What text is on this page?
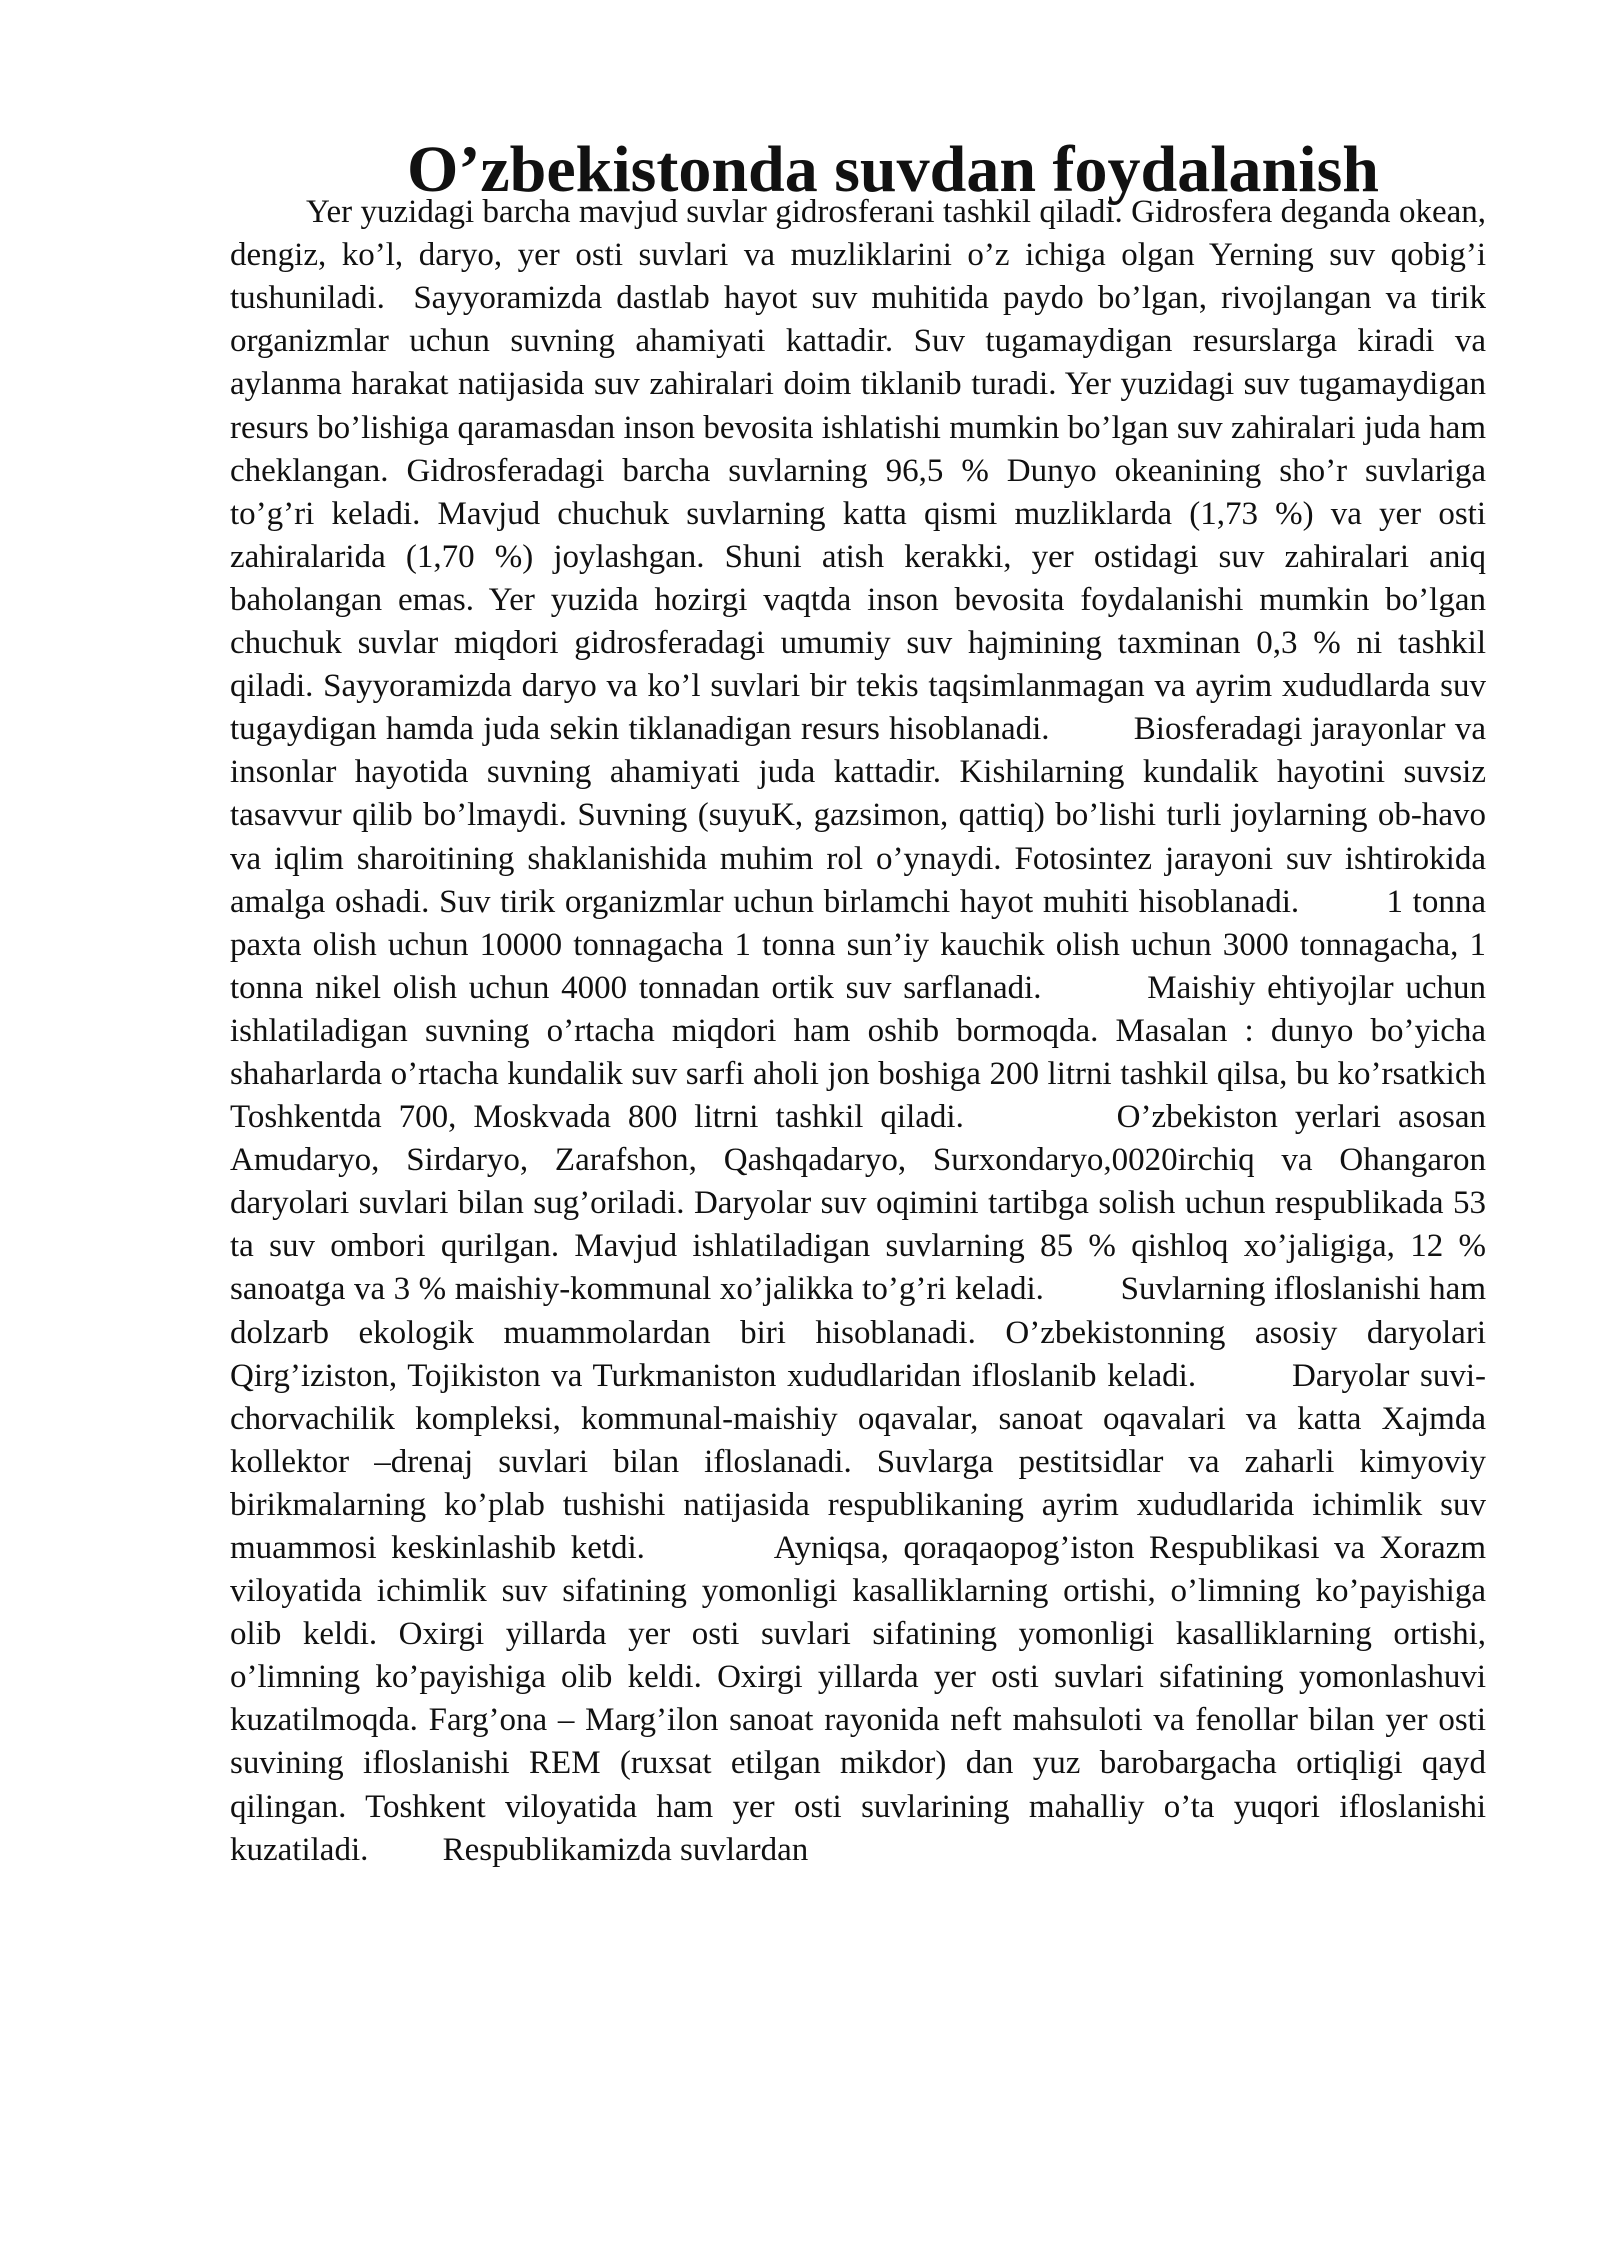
O’zbekistonda suvdan foydalanish

Yer yuzidagi barcha mavjud suvlar gidrosferani tashkil qiladi. Gidrosfera deganda okean, dengiz, ko’l, daryo, yer osti suvlari va muzliklarini o’z ichiga olgan Yerning suv qobig’i tushuniladi.  Sayyoramizda dastlab hayot suv muhitida paydo bo’lgan, rivojlangan va tirik organizmlar uchun suvning ahamiyati kattadir. Suv tugamaydigan resurslarga kiradi va aylanma harakat natijasida suv zahiralari doim tiklanib turadi. Yer yuzidagi suv tugamaydigan resurs bo’lishiga qaramasdan inson bevosita ishlatishi mumkin bo’lgan suv zahiralari juda ham cheklangan. Gidrosferadagi barcha suvlarning 96,5 % Dunyo okeanining sho’r suvlariga to’g’ri keladi. Mavjud chuchuk suvlarning katta qismi muzliklarda (1,73 %) va yer osti zahiralarida (1,70 %) joylashgan. Shuni atish kerakki, yer ostidagi suv zahiralari aniq baholangan emas. Yer yuzida hozirgi vaqtda inson bevosita foydalanishi mumkin bo’lgan chuchuk suvlar miqdori gidrosferadagi umumiy suv hajmining taxminan 0,3 % ni tashkil qiladi. Sayyoramizda daryo va ko’l suvlari bir tekis taqsimlanmagan va ayrim xududlarda suv tugaydigan hamda juda sekin tiklanadigan resurs hisoblanadi.         Biosferadagi jarayonlar va insonlar hayotida suvning ahamiyati juda kattadir. Kishilarning kundalik hayotini suvsiz tasavvur qilib bo’lmaydi. Suvning (suyuK, gazsimon, qattiq) bo’lishi turli joylarning ob-havo va iqlim sharoitining shaklanishida muhim rol o’ynaydi. Fotosintez jarayoni suv ishtirokida amalga oshadi. Suv tirik organizmlar uchun birlamchi hayot muhiti hisoblanadi.         1 tonna paxta olish uchun 10000 tonnagacha 1 tonna sun’iy kauchik olish uchun 3000 tonnagacha, 1 tonna nikel olish uchun 4000 tonnadan ortik suv sarflanadi.         Maishiy ehtiyojlar uchun ishlatiladigan suvning o’rtacha miqdori ham oshib bormoqda. Masalan : dunyo bo’yicha shaharlarda o’rtacha kundalik suv sarfi aholi jon boshiga 200 litrni tashkil qilsa, bu ko’rsatkich Toshkentda 700, Moskvada 800 litrni tashkil qiladi.         O’zbekiston yerlari asosan Amudaryo, Sirdaryo, Zarafshon, Qashqadaryo, Surxondaryo,0020irchiq va Ohangaron daryolari suvlari bilan sug’oriladi. Daryolar suv oqimini tartibga solish uchun respublikada 53 ta suv ombori qurilgan. Mavjud ishlatiladigan suvlarning 85 % qishloq xo’jaligiga, 12 % sanoatga va 3 % maishiy-kommunal xo’jalikka to’g’ri keladi.         Suvlarning ifloslanishi ham dolzarb ekologik muammolardan biri hisoblanadi. O’zbekistonning asosiy daryolari Qirg’iziston, Tojikiston va Turkmaniston xududlaridan ifloslanib keladi.         Daryolar suvi-chorvachilik kompleksi, kommunal-maishiy oqavalar, sanoat oqavalari va katta Xajmda kollektor –drenaj suvlari bilan ifloslanadi. Suvlarga pestitsidlar va zaharli kimyoviy birikmalarning ko’plab tushishi natijasida respublikaning ayrim xududlarida ichimlik suv muammosi keskinlashib ketdi.         Ayniqsa, qoraqaopog’iston Respublikasi va Xorazm viloyatida ichimlik suv sifatining yomonligi kasalliklarning ortishi, o’limning ko’payishiga olib keldi. Oxirgi yillarda yer osti suvlari sifatining yomonligi kasalliklarning ortishi, o’limning ko’payishiga olib keldi. Oxirgi yillarda yer osti suvlari sifatining yomonlashuvi kuzatilmoqda. Farg’ona – Marg’ilon sanoat rayonida neft mahsuloti va fenollar bilan yer osti suvining ifloslanishi REM (ruxsat etilgan mikdor) dan yuz barobargacha ortiqligi qayd qilingan. Toshkent viloyatida ham yer osti suvlarining mahalliy o’ta yuqori ifloslanishi kuzatiladi.         Respublikamizda suvlardan
